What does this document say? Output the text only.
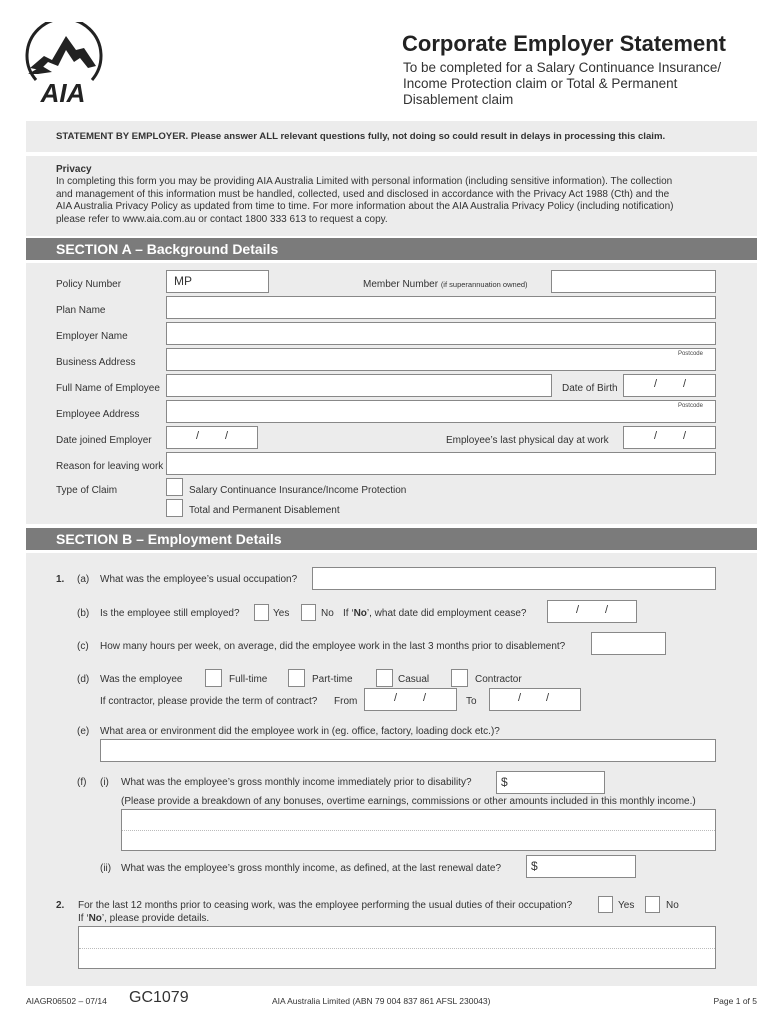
AIA
Corporate Employer Statement
To be completed for a Salary Continuance Insurance/
Income Protection claim or Total & Permanent
Disablement claim
STATEMENT BY EMPLOYER. Please answer ALL relevant questions fully, not doing so could result in delays in processing this claim.
Privacy
In completing this form you may be providing AIA Australia Limited with personal information (including sensitive information). The collection
and management of this information must be handled, collected, used and disclosed in accordance with the Privacy Act 1988 (Cth) and the
AIA Australia Privacy Policy as updated from time to time. For more information about the AIA Australia Privacy Policy (including notification)
please refer to www.aia.com.au or contact 1800 333 613 to request a copy.
SECTION A – Background Details
Policy Number	MP	Member Number (if superannuation owned)
Plan Name
Employer Name
Business Address
Postcode
Full Name of Employee	Date of Birth	/ /
Employee Address
Postcode
Date joined Employer	/ /	Employee’s last physical day at work	/ /
Reason for leaving work
Type of Claim	Salary Continuance Insurance/Income Protection
Total and Permanent Disablement
SECTION B – Employment Details
1. (a) What was the employee’s usual occupation?
(b) Is the employee still employed?	Yes	No If ‘No’, what date did employment cease?	/ /
(c) How many hours per week, on average, did the employee work in the last 3 months prior to disablement?
(d) Was the employee	Full-time	Part-time	Casual	Contractor
If contractor, please provide the term of contract? From	/ /	To	/ /
(e) What area or environment did the employee work in (eg. office, factory, loading dock etc.)?
(f) (i) What was the employee’s gross monthly income immediately prior to disability? $
(Please provide a breakdown of any bonuses, overtime earnings, commissions or other amounts included in this monthly income.)
(ii) What was the employee’s gross monthly income, as defined, at the last renewal date? $
2. For the last 12 months prior to ceasing work, was the employee performing the usual duties of their occupation?	Yes	No
If ‘No’, please provide details.
AIAGR06502 – 07/14 GC1079	AIA Australia Limited (ABN 79 004 837 861 AFSL 230043)	Page 1 of 5
